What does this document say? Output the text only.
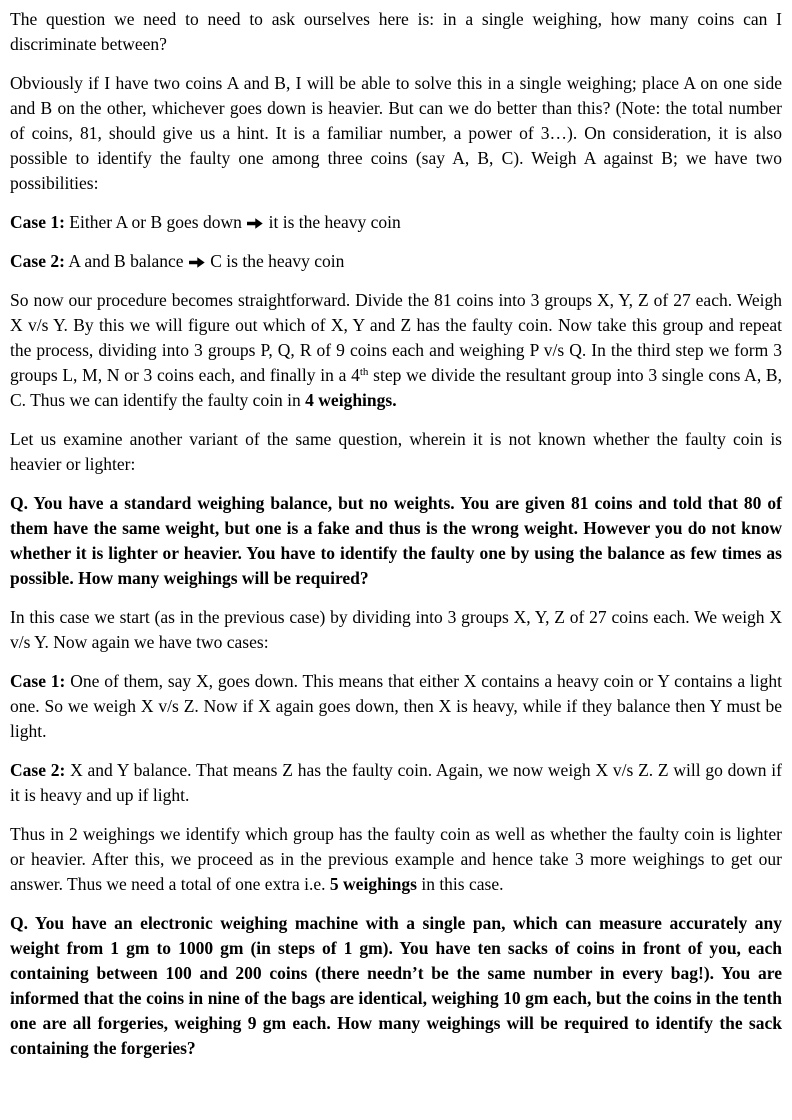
The question we need to need to ask ourselves here is: in a single weighing, how many coins can I discriminate between?

Obviously if I have two coins A and B, I will be able to solve this in a single weighing; place A on one side and B on the other, whichever goes down is heavier. But can we do better than this? (Note: the total number of coins, 81, should give us a hint. It is a familiar number, a power of 3…). On consideration, it is also possible to identify the faulty one among three coins (say A, B, C). Weigh A against B; we have two possibilities:

Case 1: Either A or B goes down  it is the heavy coin

Case 2: A and B balance  C is the heavy coin

So now our procedure becomes straightforward. Divide the 81 coins into 3 groups X, Y, Z of 27 each. Weigh X v/s Y. By this we will figure out which of X, Y and Z has the faulty coin. Now take this group and repeat the process, dividing into 3 groups P, Q, R of 9 coins each and weighing P v/s Q. In the third step we form 3 groups L, M, N or 3 coins each, and finally in a 4th step we divide the resultant group into 3 single cons A, B, C. Thus we can identify the faulty coin in 4 weighings.

Let us examine another variant of the same question, wherein it is not known whether the faulty coin is heavier or lighter:

Q. You have a standard weighing balance, but no weights. You are given 81 coins and told that 80 of them have the same weight, but one is a fake and thus is the wrong weight. However you do not know whether it is lighter or heavier. You have to identify the faulty one by using the balance as few times as possible. How many weighings will be required?

In this case we start (as in the previous case) by dividing into 3 groups X, Y, Z of 27 coins each. We weigh X v/s Y. Now again we have two cases:

Case 1: One of them, say X, goes down. This means that either X contains a heavy coin or Y contains a light one. So we weigh X v/s Z. Now if X again goes down, then X is heavy, while if they balance then Y must be light.

Case 2: X and Y balance. That means Z has the faulty coin. Again, we now weigh X v/s Z. Z will go down if it is heavy and up if light.

Thus in 2 weighings we identify which group has the faulty coin as well as whether the faulty coin is lighter or heavier. After this, we proceed as in the previous example and hence take 3 more weighings to get our answer. Thus we need a total of one extra i.e. 5 weighings in this case.

Q. You have an electronic weighing machine with a single pan, which can measure accurately any weight from 1 gm to 1000 gm (in steps of 1 gm). You have ten sacks of coins in front of you, each containing between 100 and 200 coins (there needn’t be the same number in every bag!). You are informed that the coins in nine of the bags are identical, weighing 10 gm each, but the coins in the tenth one are all forgeries, weighing 9 gm each. How many weighings will be required to identify the sack containing the forgeries?
